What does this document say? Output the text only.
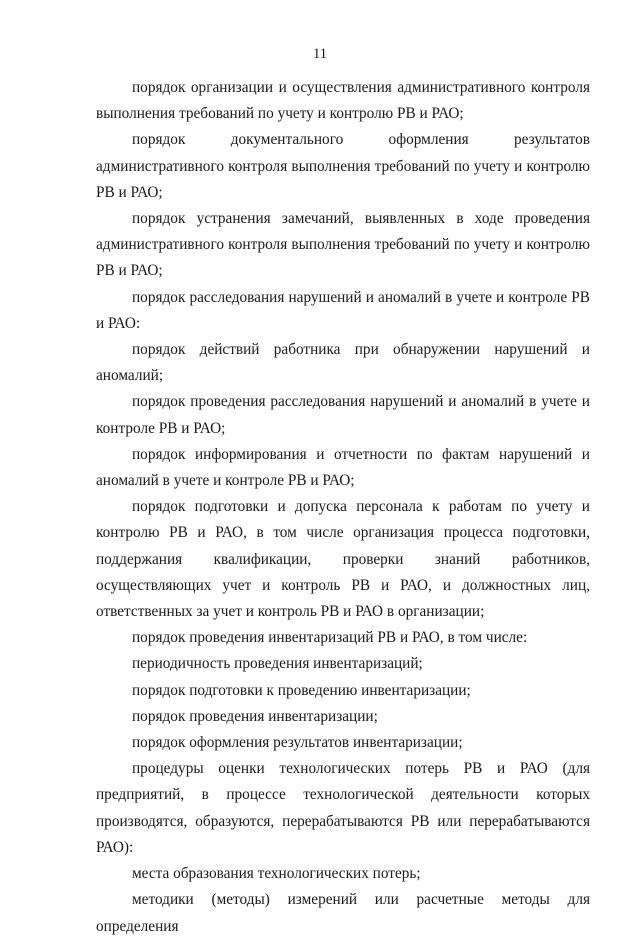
11

порядок организации и осуществления административного контроля выполнения требований по учету и контролю РВ и РАО;

порядок документального оформления результатов административного контроля выполнения требований по учету и контролю РВ и РАО;

порядок устранения замечаний, выявленных в ходе проведения административного контроля выполнения требований по учету и контролю РВ и РАО;

порядок расследования нарушений и аномалий в учете и контроле РВ и РАО:

порядок действий работника при обнаружении нарушений и аномалий;

порядок проведения расследования нарушений и аномалий в учете и контроле РВ и РАО;

порядок информирования и отчетности по фактам нарушений и аномалий в учете и контроле РВ и РАО;

порядок подготовки и допуска персонала к работам по учету и контролю РВ и РАО, в том числе организация процесса подготовки, поддержания квалификации, проверки знаний работников, осуществляющих учет и контроль РВ и РАО, и должностных лиц, ответственных за учет и контроль РВ и РАО в организации;

порядок проведения инвентаризаций РВ и РАО, в том числе:

периодичность проведения инвентаризаций;

порядок подготовки к проведению инвентаризации;

порядок проведения инвентаризации;

порядок оформления результатов инвентаризации;

процедуры оценки технологических потерь РВ и РАО (для предприятий, в процессе технологической деятельности которых производятся, образуются, перерабатываются РВ или перерабатываются РАО):

места образования технологических потерь;

методики (методы) измерений или расчетные методы для определения
